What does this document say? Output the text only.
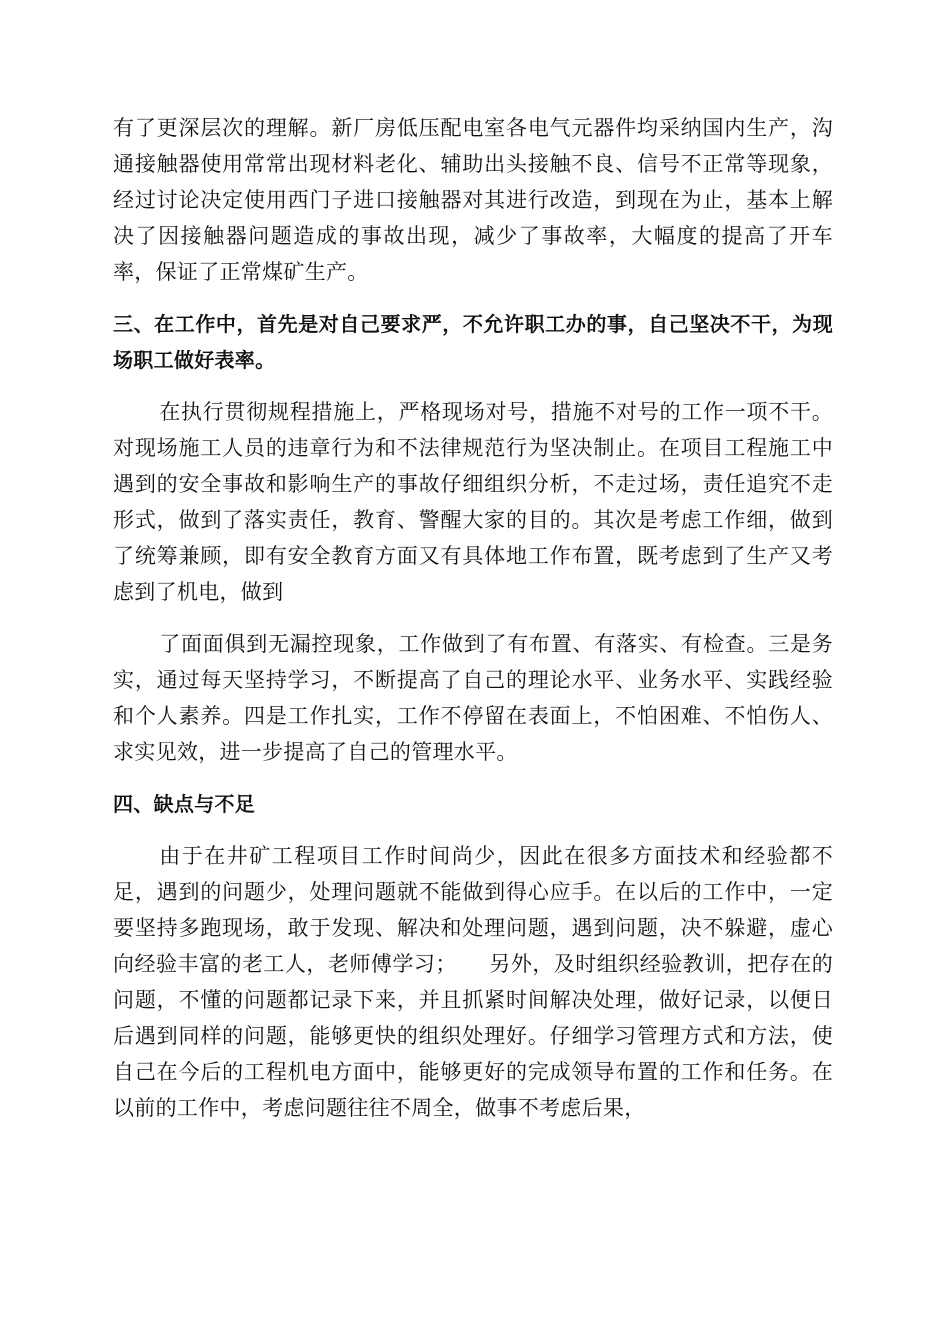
有了更深层次的理解。新厂房低压配电室各电气元器件均采纳国内生产，沟通接触器使用常常出现材料老化、辅助出头接触不良、信号不正常等现象，经过讨论决定使用西门子进口接触器对其进行改造，到现在为止，基本上解决了因接触器问题造成的事故出现，减少了事故率，大幅度的提高了开车率，保证了正常煤矿生产。

三、在工作中，首先是对自己要求严，不允许职工办的事，自己坚决不干，为现场职工做好表率。

在执行贯彻规程措施上，严格现场对号，措施不对号的工作一项不干。对现场施工人员的违章行为和不法律规范行为坚决制止。在项目工程施工中遇到的安全事故和影响生产的事故仔细组织分析，不走过场，责任追究不走形式，做到了落实责任，教育、警醒大家的目的。其次是考虑工作细，做到了统筹兼顾，即有安全教育方面又有具体地工作布置，既考虑到了生产又考虑到了机电，做到

了面面俱到无漏控现象，工作做到了有布置、有落实、有检查。三是务实，通过每天坚持学习，不断提高了自己的理论水平、业务水平、实践经验和个人素养。四是工作扎实，工作不停留在表面上，不怕困难、不怕伤人、求实见效，进一步提高了自己的管理水平。

四、缺点与不足

由于在井矿工程项目工作时间尚少，因此在很多方面技术和经验都不足，遇到的问题少，处理问题就不能做到得心应手。在以后的工作中，一定要坚持多跑现场，敢于发现、解决和处理问题，遇到问题，决不躲避，虚心向经验丰富的老工人，老师傅学习；　　另外，及时组织经验教训，把存在的问题，不懂的问题都记录下来，并且抓紧时间解决处理，做好记录，以便日后遇到同样的问题，能够更快的组织处理好。仔细学习管理方式和方法，使自己在今后的工程机电方面中，能够更好的完成领导布置的工作和任务。在以前的工作中，考虑问题往往不周全，做事不考虑后果，
